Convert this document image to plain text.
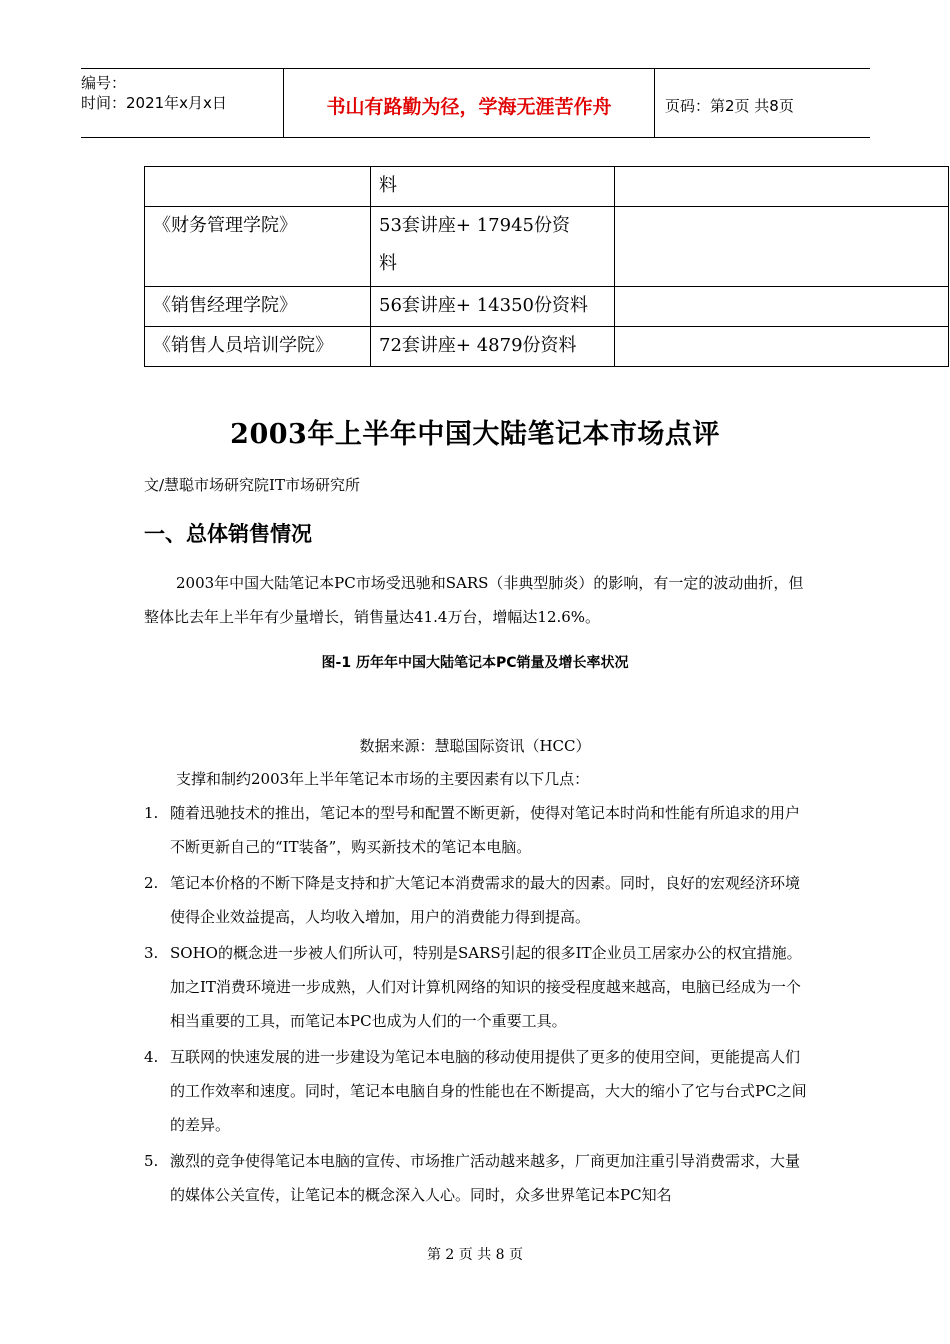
编号：
时间：2021年x月x日	书山有路勤为径，学海无涯苦作舟	页码：第2页 共8页
	料	
《财务管理学院》	53套讲座+ 17945份资料	
《销售经理学院》	56套讲座+ 14350份资料	
《销售人员培训学院》	72套讲座+ 4879份资料	
2003年上半年中国大陆笔记本市场点评
文/慧聪市场研究院IT市场研究所
一、总体销售情况
2003年中国大陆笔记本PC市场受迅驰和SARS（非典型肺炎）的影响，有一定的波动曲折，但整体比去年上半年有少量增长，销售量达41.4万台，增幅达12.6%。
图-1 历年年中国大陆笔记本PC销量及增长率状况
数据来源：慧聪国际资讯（HCC）
支撑和制约2003年上半年笔记本市场的主要因素有以下几点：
1. 随着迅驰技术的推出，笔记本的型号和配置不断更新，使得对笔记本时尚和性能有所追求的用户不断更新自己的“IT装备”，购买新技术的笔记本电脑。
2. 笔记本价格的不断下降是支持和扩大笔记本消费需求的最大的因素。同时，良好的宏观经济环境使得企业效益提高，人均收入增加，用户的消费能力得到提高。
3. SOHO的概念进一步被人们所认可，特别是SARS引起的很多IT企业员工居家办公的权宜措施。加之IT消费环境进一步成熟，人们对计算机网络的知识的接受程度越来越高，电脑已经成为一个相当重要的工具，而笔记本PC也成为人们的一个重要工具。
4. 互联网的快速发展的进一步建设为笔记本电脑的移动使用提供了更多的使用空间，更能提高人们的工作效率和速度。同时，笔记本电脑自身的性能也在不断提高，大大的缩小了它与台式PC之间的差异。
5. 激烈的竞争使得笔记本电脑的宣传、市场推广活动越来越多，厂商更加注重引导消费需求，大量的媒体公关宣传，让笔记本的概念深入人心。同时，众多世界笔记本PC知名
第 2 页 共 8 页
